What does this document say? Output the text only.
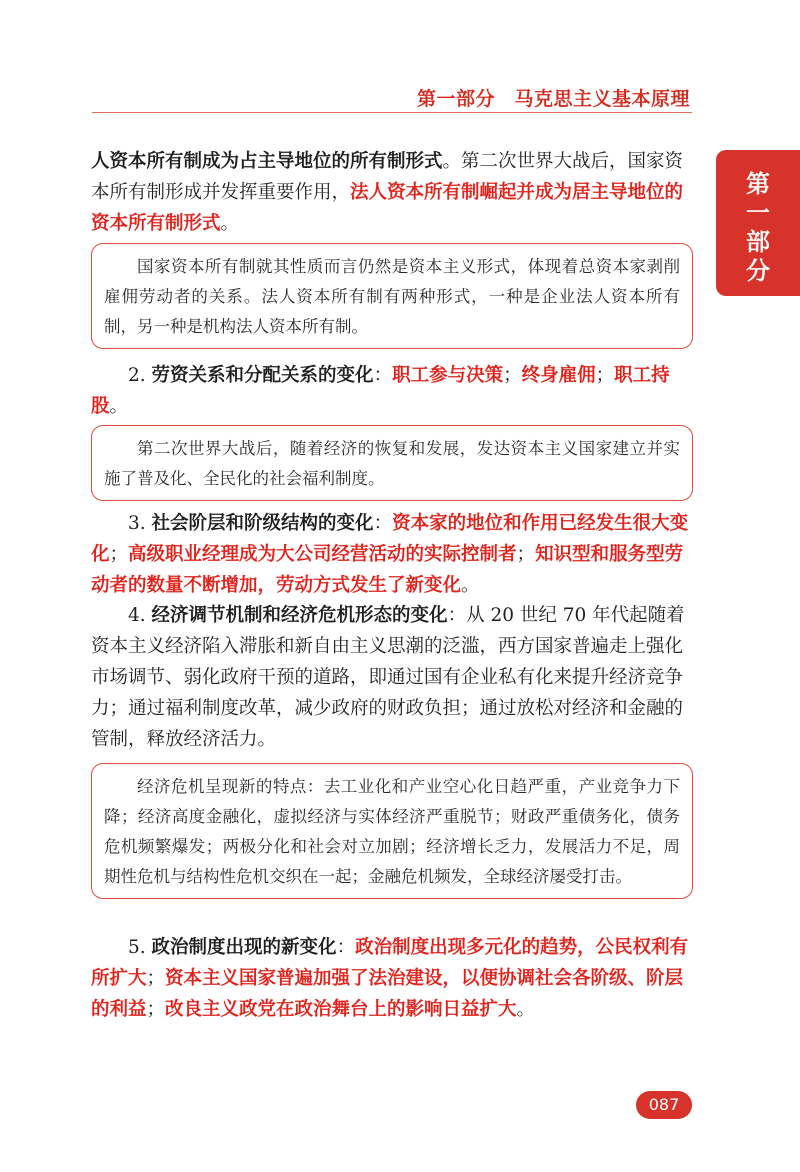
第一部分　马克思主义基本原理
第
一
部
分

人资本所有制成为占主导地位的所有制形式。第二次世界大战后，国家资本所有制形成并发挥重要作用，法人资本所有制崛起并成为居主导地位的资本所有制形式。

国家资本所有制就其性质而言仍然是资本主义形式，体现着总资本家剥削雇佣劳动者的关系。法人资本所有制有两种形式，一种是企业法人资本所有制，另一种是机构法人资本所有制。

2. 劳资关系和分配关系的变化：职工参与决策；终身雇佣；职工持股。

第二次世界大战后，随着经济的恢复和发展，发达资本主义国家建立并实施了普及化、全民化的社会福利制度。

3. 社会阶层和阶级结构的变化：资本家的地位和作用已经发生很大变化；高级职业经理成为大公司经营活动的实际控制者；知识型和服务型劳动者的数量不断增加，劳动方式发生了新变化。

4. 经济调节机制和经济危机形态的变化：从 20 世纪 70 年代起随着资本主义经济陷入滞胀和新自由主义思潮的泛滥，西方国家普遍走上强化市场调节、弱化政府干预的道路，即通过国有企业私有化来提升经济竞争力；通过福利制度改革，减少政府的财政负担；通过放松对经济和金融的管制，释放经济活力。

经济危机呈现新的特点：去工业化和产业空心化日趋严重，产业竞争力下降；经济高度金融化，虚拟经济与实体经济严重脱节；财政严重债务化，债务危机频繁爆发；两极分化和社会对立加剧；经济增长乏力，发展活力不足，周期性危机与结构性危机交织在一起；金融危机频发，全球经济屡受打击。

5. 政治制度出现的新变化：政治制度出现多元化的趋势，公民权利有所扩大；资本主义国家普遍加强了法治建设，以便协调社会各阶级、阶层的利益；改良主义政党在政治舞台上的影响日益扩大。

087
